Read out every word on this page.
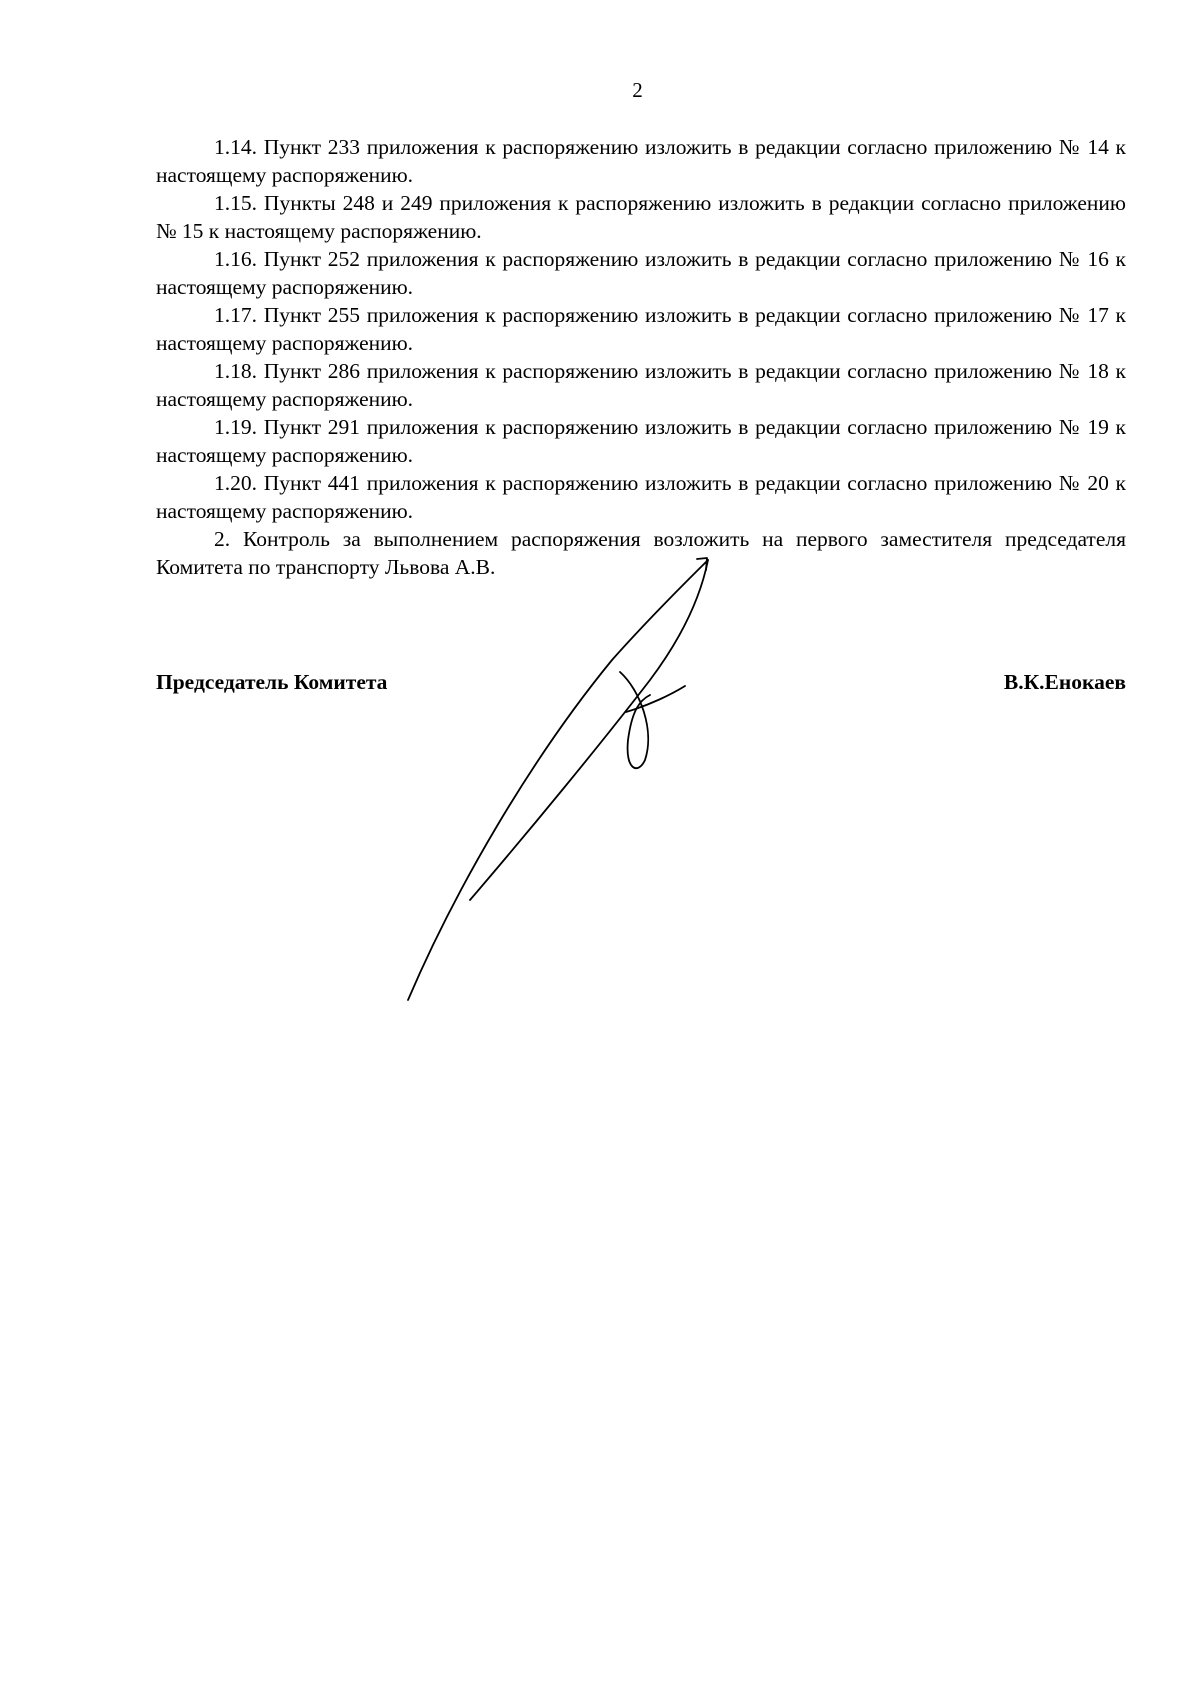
2

1.14. Пункт 233 приложения к распоряжению изложить в редакции согласно приложению № 14 к настоящему распоряжению.

1.15. Пункты 248 и 249 приложения к распоряжению изложить в редакции согласно приложению № 15 к настоящему распоряжению.

1.16. Пункт 252 приложения к распоряжению изложить в редакции согласно приложению № 16 к настоящему распоряжению.

1.17. Пункт 255 приложения к распоряжению изложить в редакции согласно приложению № 17 к настоящему распоряжению.

1.18. Пункт 286 приложения к распоряжению изложить в редакции согласно приложению № 18 к настоящему распоряжению.

1.19. Пункт 291 приложения к распоряжению изложить в редакции согласно приложению № 19 к настоящему распоряжению.

1.20. Пункт 441 приложения к распоряжению изложить в редакции согласно приложению № 20 к настоящему распоряжению.

2. Контроль за выполнением распоряжения возложить на первого заместителя председателя Комитета по транспорту Львова А.В.

Председатель Комитета	В.К.Енокаев
